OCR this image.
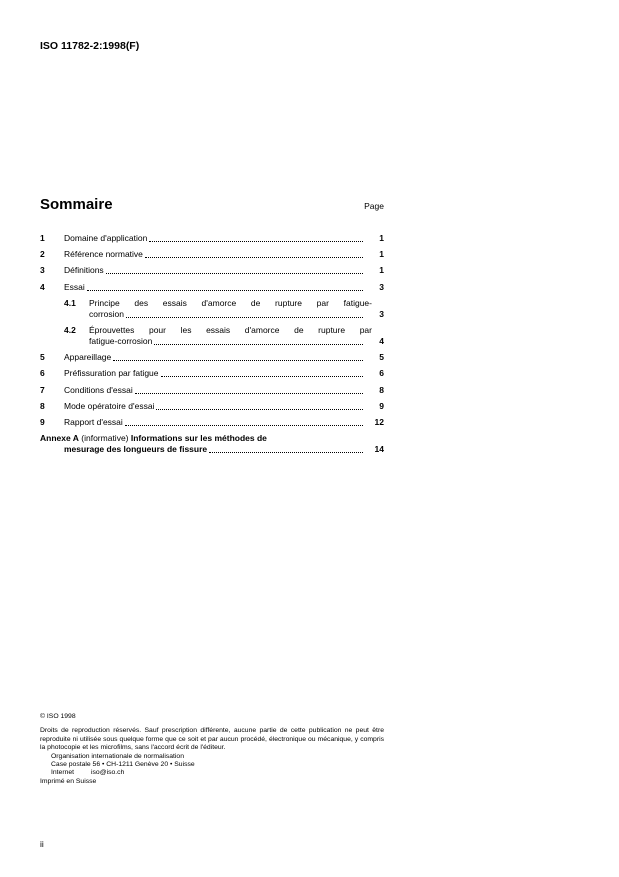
ISO 11782-2:1998(F)
Sommaire	Page
1	Domaine d'application	1
2	Référence normative	1
3	Définitions	1
4	Essai	3
4.1	Principe des essais d'amorce de rupture par fatigue-
corrosion	3
4.2	Éprouvettes pour les essais d'amorce de rupture par
fatigue-corrosion	4
5	Appareillage	5
6	Préfissuration par fatigue	6
7	Conditions d'essai	8
8	Mode opératoire d'essai	9
9	Rapport d'essai	12
Annexe A (informative) Informations sur les méthodes de
mesurage des longueurs de fissure	14
© ISO 1998
Droits de reproduction réservés. Sauf prescription différente, aucune partie de cette publication ne peut être reproduite ni utilisée sous quelque forme que ce soit et par aucun procédé, électronique ou mécanique, y compris la photocopie et les microfilms, sans l'accord écrit de l'éditeur.
Organisation internationale de normalisation
Case postale 56 • CH-1211 Genève 20 • Suisse
Internet iso@iso.ch
Imprimé en Suisse
ii
